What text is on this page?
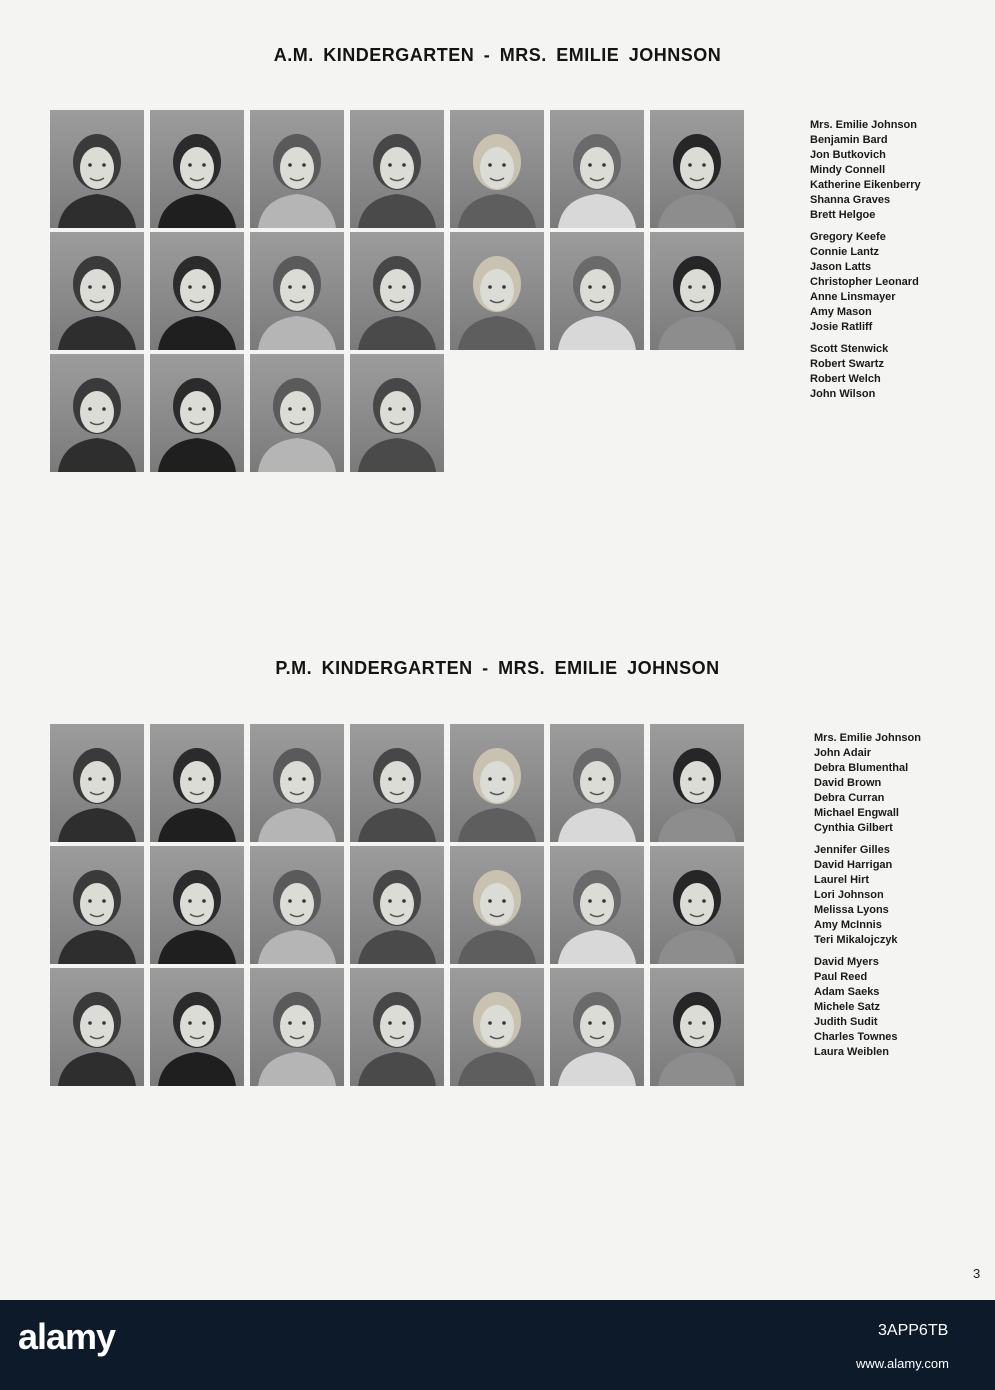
A.M. KINDERGARTEN - MRS. EMILIE JOHNSON
Mrs. Emilie Johnson
Benjamin Bard
Jon Butkovich
Mindy Connell
Katherine Eikenberry
Shanna Graves
Brett Helgoe
Gregory Keefe
Connie Lantz
Jason Latts
Christopher Leonard
Anne Linsmayer
Amy Mason
Josie Ratliff
Scott Stenwick
Robert Swartz
Robert Welch
John Wilson
P.M. KINDERGARTEN - MRS. EMILIE JOHNSON
Mrs. Emilie Johnson
John Adair
Debra Blumenthal
David Brown
Debra Curran
Michael Engwall
Cynthia Gilbert
Jennifer Gilles
David Harrigan
Laurel Hirt
Lori Johnson
Melissa Lyons
Amy McInnis
Teri Mikalojczyk
David Myers
Paul Reed
Adam Saeks
Michele Satz
Judith Sudit
Charles Townes
Laura Weiblen
3
alamy	3APP6TB
www.alamy.com
